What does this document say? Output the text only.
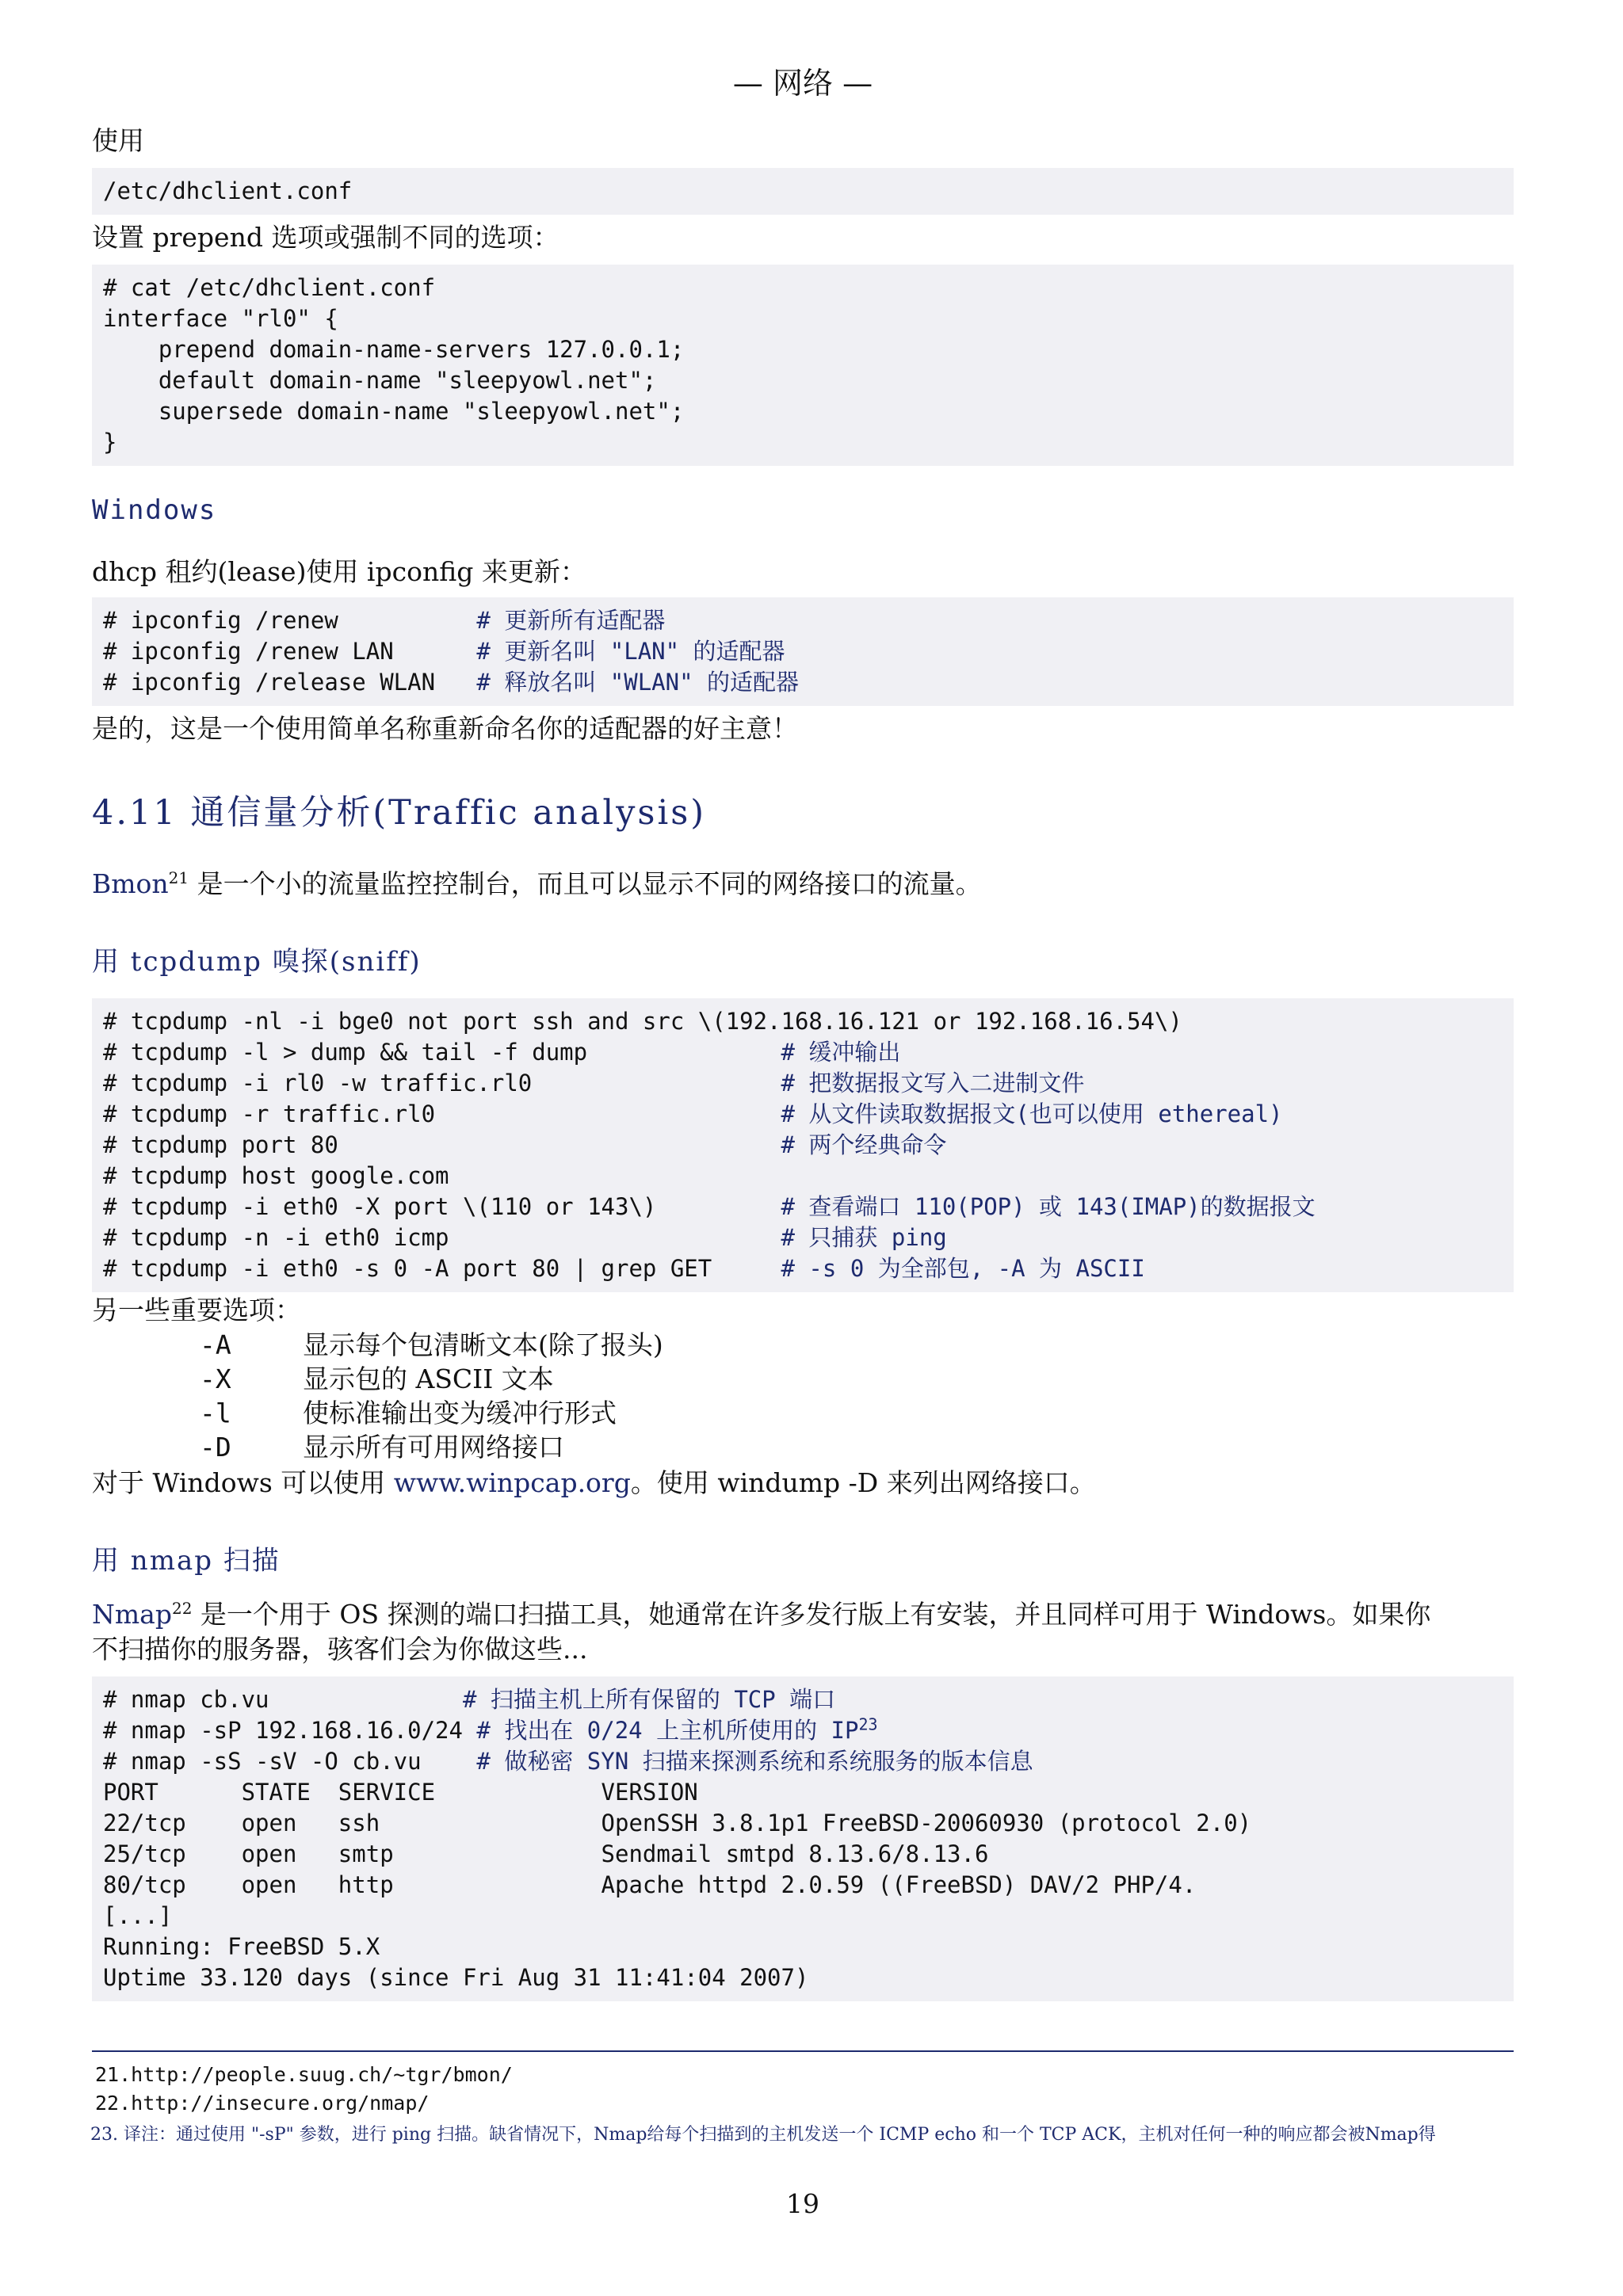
— 网络 —
使用
/etc/dhclient.conf
设置 prepend 选项或强制不同的选项：
# cat /etc/dhclient.conf
interface "rl0" {
prepend domain-name-servers 127.0.0.1;
default domain-name "sleepyowl.net";
supersede domain-name "sleepyowl.net";
}
Windows
dhcp 租约(lease)使用 ipconfig 来更新：
# ipconfig /renew          # 更新所有适配器
# ipconfig /renew LAN      # 更新名叫 "LAN" 的适配器
# ipconfig /release WLAN   # 释放名叫 "WLAN" 的适配器
是的，这是一个使用简单名称重新命名你的适配器的好主意！
4.11 通信量分析(Traffic analysis)
Bmon$^{21}$ 是一个小的流量监控控制台，而且可以显示不同的网络接口的流量。
用 tcpdump 嗅探(sniff)
# tcpdump -nl -i bge0 not port ssh and src \(192.168.16.121 or 192.168.16.54\)
# tcpdump -l > dump && tail -f dump              # 缓冲输出
# tcpdump -i rl0 -w traffic.rl0                  # 把数据报文写入二进制文件
# tcpdump -r traffic.rl0                         # 从文件读取数据报文(也可以使用 ethereal)
# tcpdump port 80                                # 两个经典命令
# tcpdump host google.com
# tcpdump -i eth0 -X port \(110 or 143\)         # 查看端口 110(POP) 或 143(IMAP)的数据报文
# tcpdump -n -i eth0 icmp                        # 只捕获 ping
# tcpdump -i eth0 -s 0 -A port 80 | grep GET     # -s 0 为全部包, -A 为 ASCII
另一些重要选项：
-A	显示每个包清晰文本(除了报头)
-X	显示包的 ASCII 文本
-l	使标准输出变为缓冲行形式
-D	显示所有可用网络接口
对于 Windows 可以使用 www.winpcap.org。使用 windump -D 来列出网络接口。
用 nmap 扫描
Nmap$^{22}$ 是一个用于 OS 探测的端口扫描工具，她通常在许多发行版上有安装，并且同样可用于 Windows。如果你
不扫描你的服务器，骇客们会为你做这些...
# nmap cb.vu              # 扫描主机上所有保留的 TCP 端口
# nmap -sP 192.168.16.0/24 # 找出在 0/24 上主机所使用的 IP$^{23}$
# nmap -sS -sV -O cb.vu    # 做秘密 SYN 扫描来探测系统和系统服务的版本信息
PORT      STATE  SERVICE            VERSION
22/tcp    open   ssh                OpenSSH 3.8.1p1 FreeBSD-20060930 (protocol 2.0)
25/tcp    open   smtp               Sendmail smtpd 8.13.6/8.13.6
80/tcp    open   http               Apache httpd 2.0.59 ((FreeBSD) DAV/2 PHP/4.
[...]
Running: FreeBSD 5.X
Uptime 33.120 days (since Fri Aug 31 11:41:04 2007)
21.http://people.suug.ch/~tgr/bmon/
22.http://insecure.org/nmap/
23. 译注：通过使用 "-sP" 参数，进行 ping 扫描。缺省情况下，Nmap给每个扫描到的主机发送一个 ICMP echo 和一个 TCP ACK，主机对任何一种的响应都会被Nmap得
19
